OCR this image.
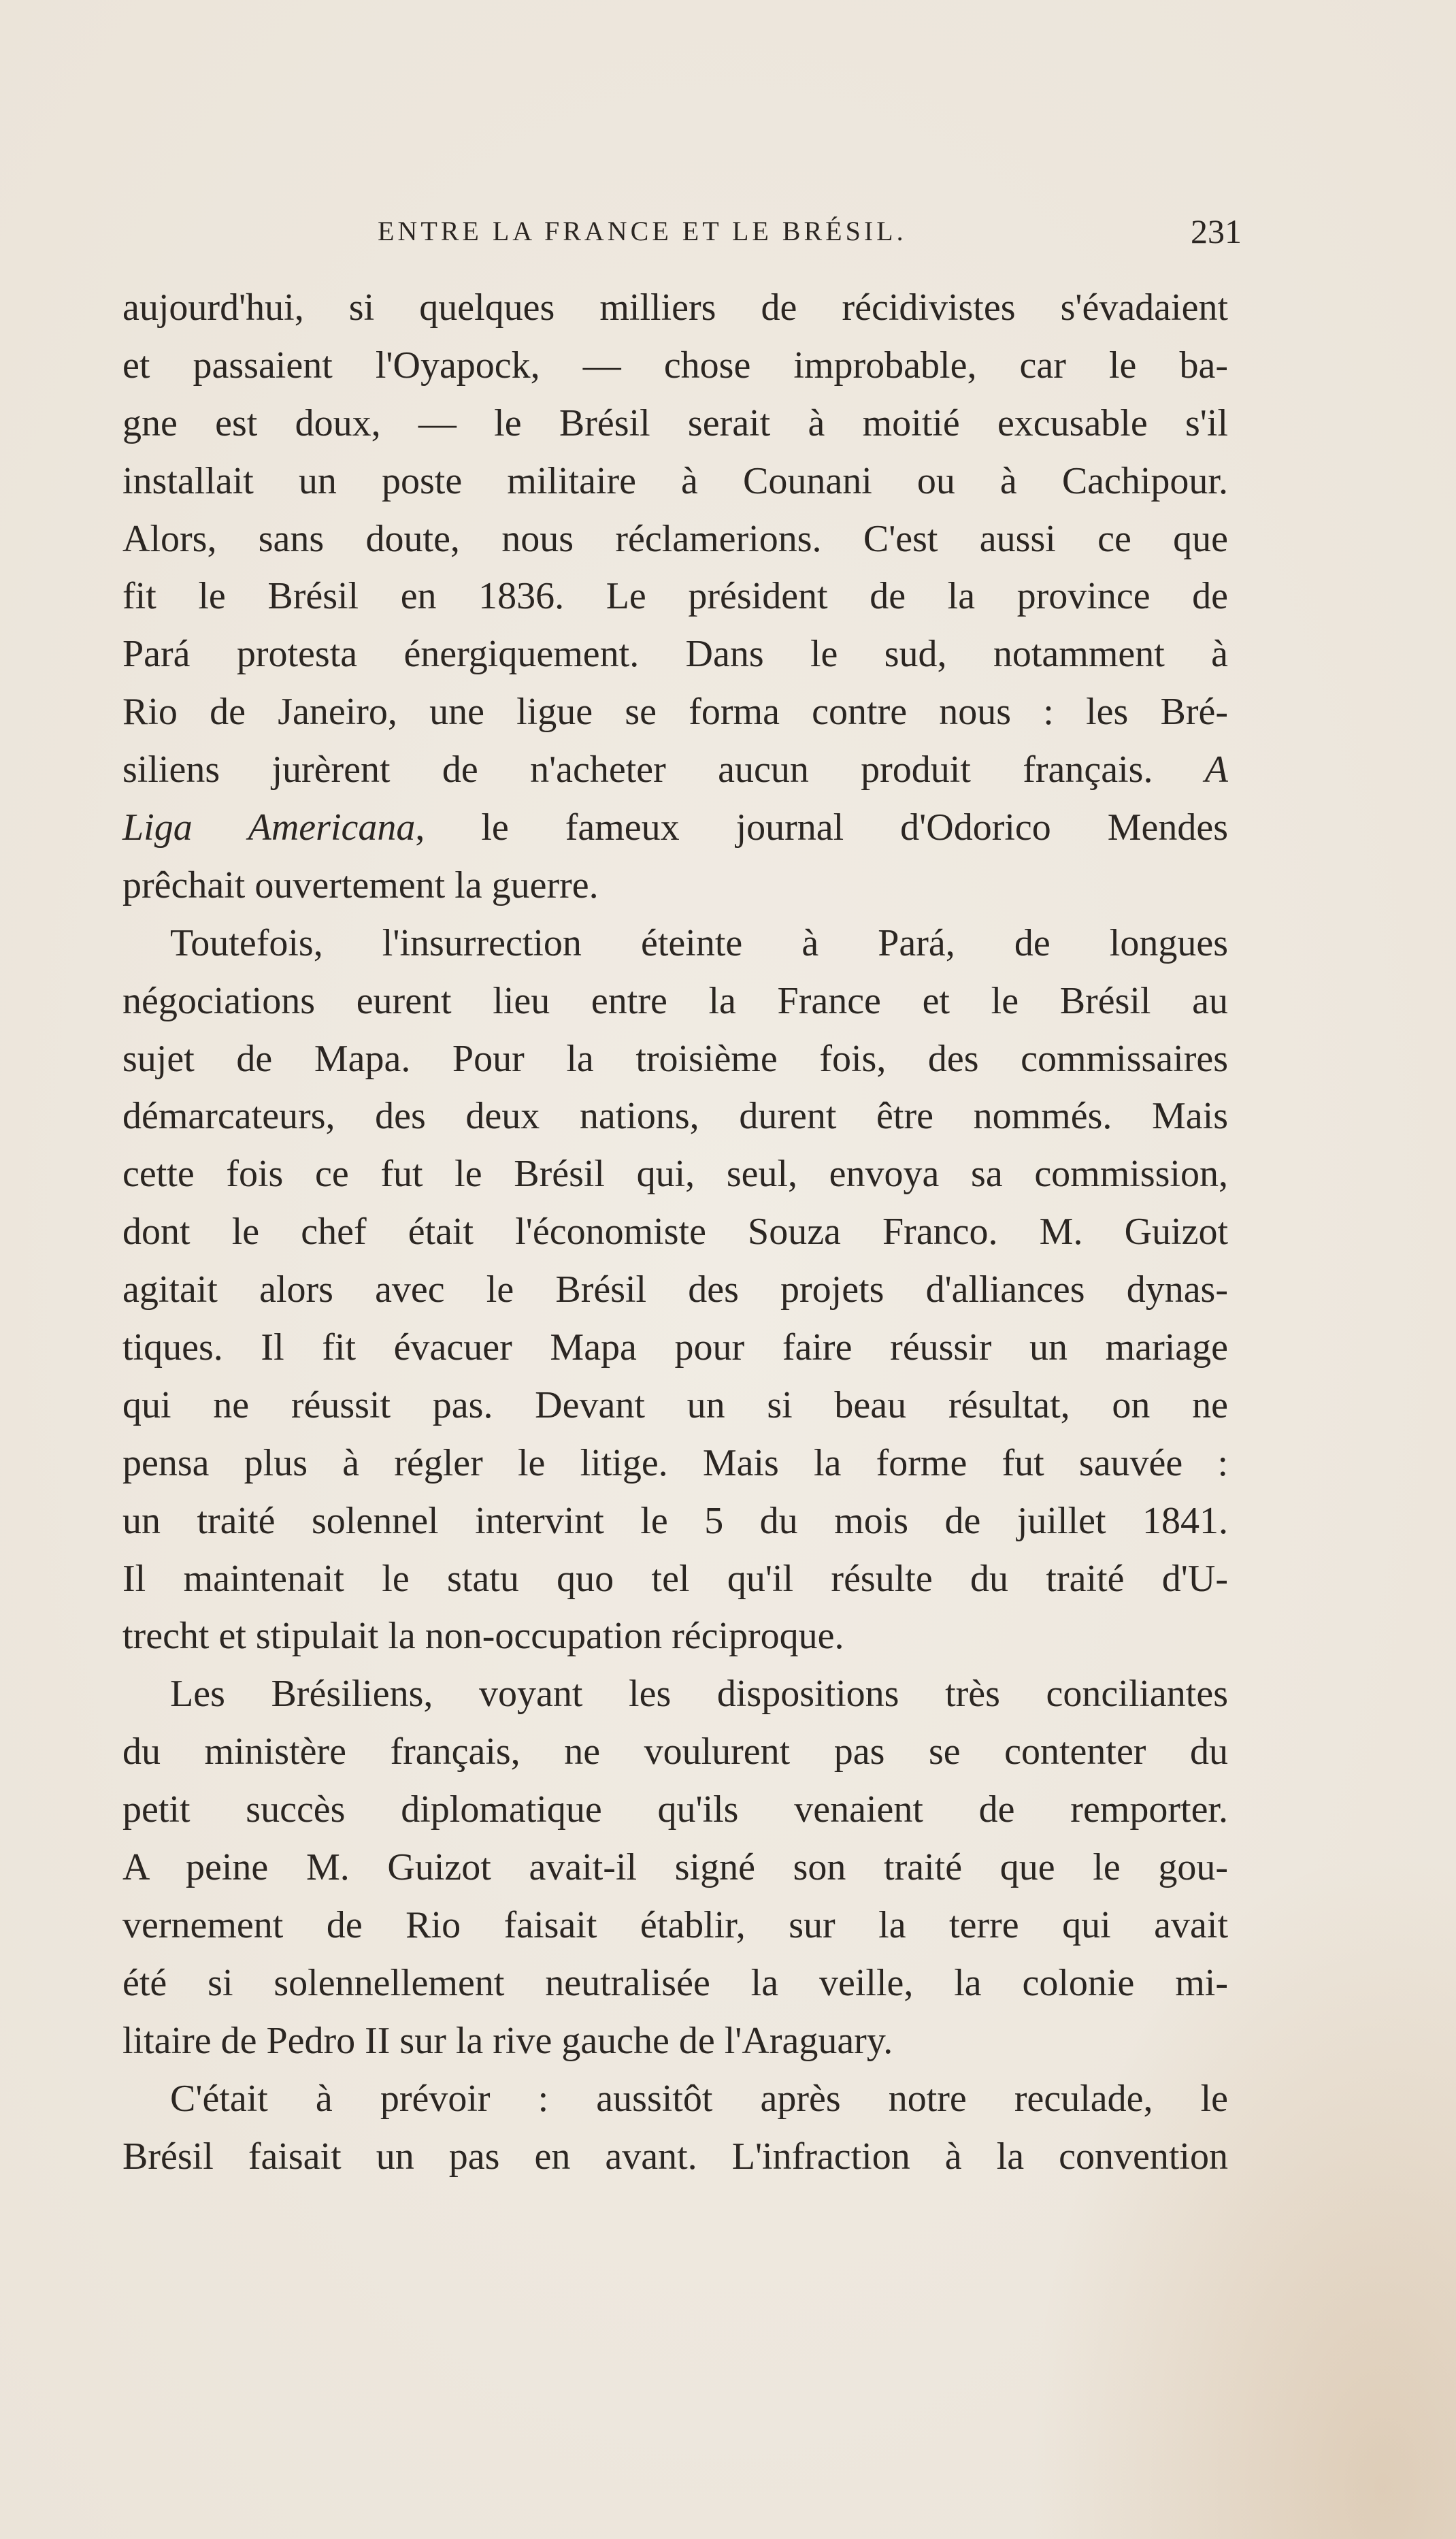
ENTRE LA FRANCE ET LE BRÉSIL.	231
aujourd'hui, si quelques milliers de récidivistes s'évadaient
et passaient l'Oyapock, — chose improbable, car le ba-
gne est doux, — le Brésil serait à moitié excusable s'il
installait un poste militaire à Counani ou à Cachipour.
Alors, sans doute, nous réclamerions. C'est aussi ce que
fit le Brésil en 1836. Le président de la province de
Pará protesta énergiquement. Dans le sud, notamment à
Rio de Janeiro, une ligue se forma contre nous : les Bré-
siliens jurèrent de n'acheter aucun produit français. A
Liga Americana, le fameux journal d'Odorico Mendes
prêchait ouvertement la guerre.
Toutefois, l'insurrection éteinte à Pará, de longues
négociations eurent lieu entre la France et le Brésil au
sujet de Mapa. Pour la troisième fois, des commissaires
démarcateurs, des deux nations, durent être nommés. Mais
cette fois ce fut le Brésil qui, seul, envoya sa commission,
dont le chef était l'économiste Souza Franco. M. Guizot
agitait alors avec le Brésil des projets d'alliances dynas-
tiques. Il fit évacuer Mapa pour faire réussir un mariage
qui ne réussit pas. Devant un si beau résultat, on ne
pensa plus à régler le litige. Mais la forme fut sauvée :
un traité solennel intervint le 5 du mois de juillet 1841.
Il maintenait le statu quo tel qu'il résulte du traité d'U-
trecht et stipulait la non-occupation réciproque.
Les Brésiliens, voyant les dispositions très conciliantes
du ministère français, ne voulurent pas se contenter du
petit succès diplomatique qu'ils venaient de remporter.
A peine M. Guizot avait-il signé son traité que le gou-
vernement de Rio faisait établir, sur la terre qui avait
été si solennellement neutralisée la veille, la colonie mi-
litaire de Pedro II sur la rive gauche de l'Araguary.
C'était à prévoir : aussitôt après notre reculade, le
Brésil faisait un pas en avant. L'infraction à la convention
